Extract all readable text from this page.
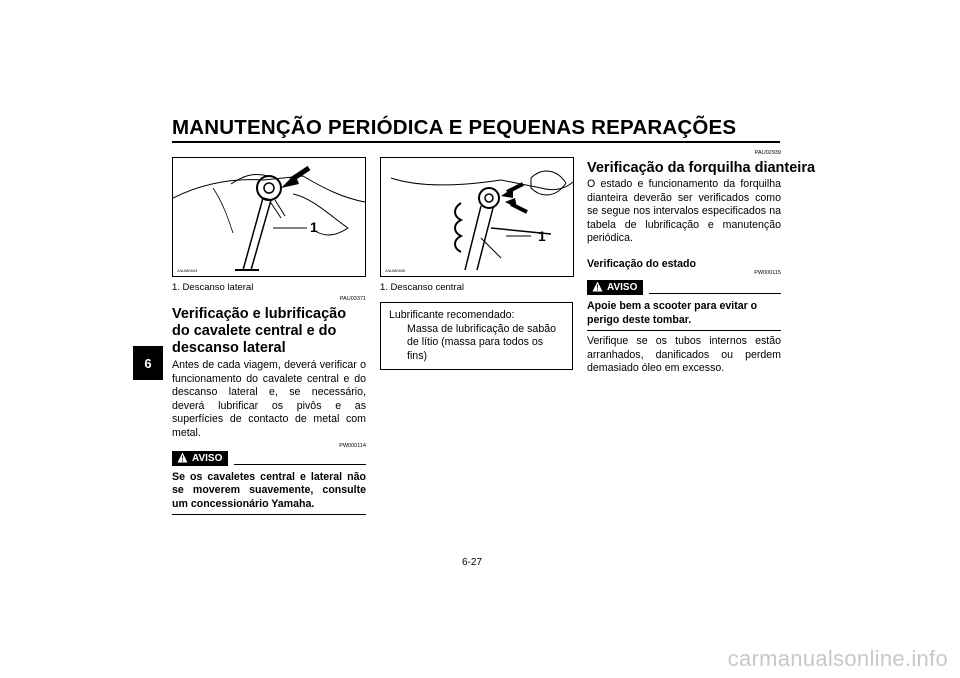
MANUTENÇÃO PERIÓDICA E PEQUENAS REPARAÇÕES
6
1
ZAUM0404
1. Descanso lateral
1
ZAUM0405
1. Descanso central
PAU03371
Verificação e lubrificação do cavalete central e do descanso lateral
Antes de cada viagem, deverá verificar o funcionamento do cavalete central e do descanso lateral e, se necessário, deverá lubrificar os pivôs e as superfícies de contacto de metal com metal.
PW000114
AVISO
Se os cavaletes central e lateral não se moverem suavemente, consulte um concessionário Yamaha.
Lubrificante recomendado:
Massa de lubrificação de sabão de lítio (massa para todos os fins)
PAU02939
Verificação da forquilha dianteira
O estado e funcionamento da forquilha dianteira deverão ser verificados como se segue nos intervalos especificados na tabela de lubrificação e manutenção periódica.
Verificação do estado
PW000115
AVISO
Apoie bem a scooter para evitar o perigo deste tombar.
Verifique se os tubos internos estão arranhados, danificados ou perdem demasiado óleo em excesso.
6-27
carmanualsonline.info
